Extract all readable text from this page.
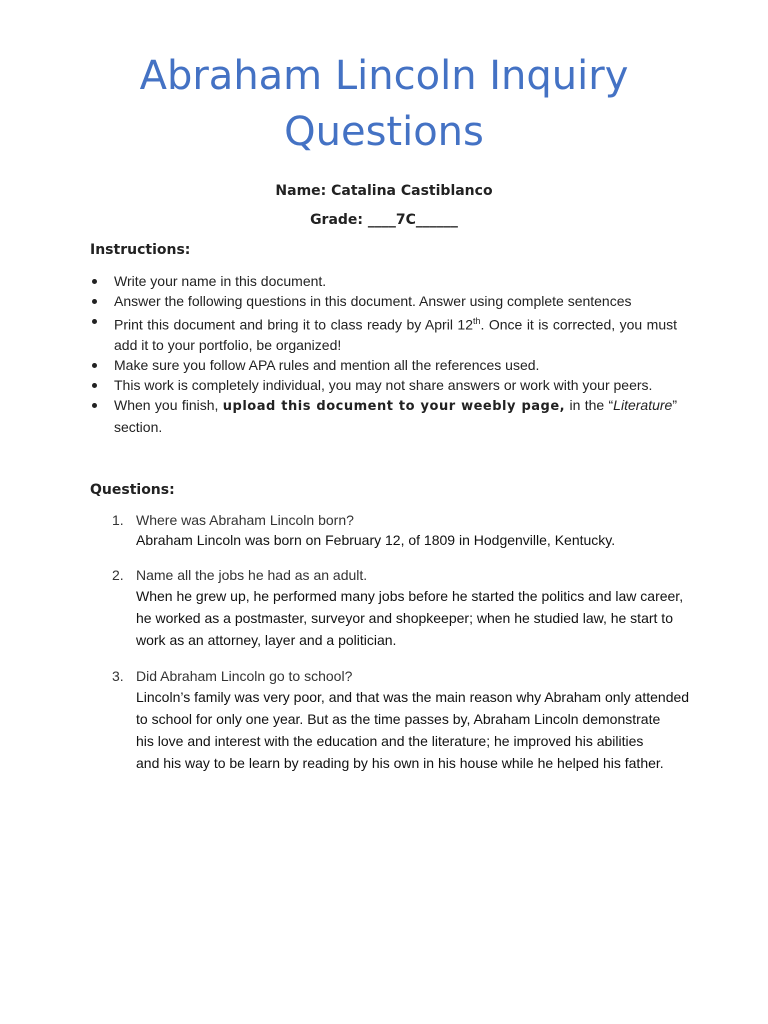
Abraham Lincoln Inquiry
Questions
Name: Catalina Castiblanco
Grade: ____7C______
Instructions:
Write your name in this document.
Answer the following questions in this document. Answer using complete sentences
Print this document and bring it to class ready by April 12th. Once it is corrected, you must add it to your portfolio, be organized!
Make sure you follow APA rules and mention all the references used.
This work is completely individual, you may not share answers or work with your peers.
When you finish, upload this document to your weebly page, in the “Literature” section.
Questions:
1. Where was Abraham Lincoln born?
Abraham Lincoln was born on February 12, of 1809 in Hodgenville, Kentucky.
2. Name all the jobs he had as an adult.
When he grew up, he performed many jobs before he started the politics and law career,
he worked as a postmaster, surveyor and shopkeeper; when he studied law, he start to work as an attorney, layer and a politician.
3. Did Abraham Lincoln go to school?
Lincoln’s family was very poor, and that was the main reason why Abraham only attended
to school for only one year. But as the time passes by, Abraham Lincoln demonstrate
his love and interest with the education and the literature; he improved his abilities
and his way to be learn by reading by his own in his house while he helped his father.
